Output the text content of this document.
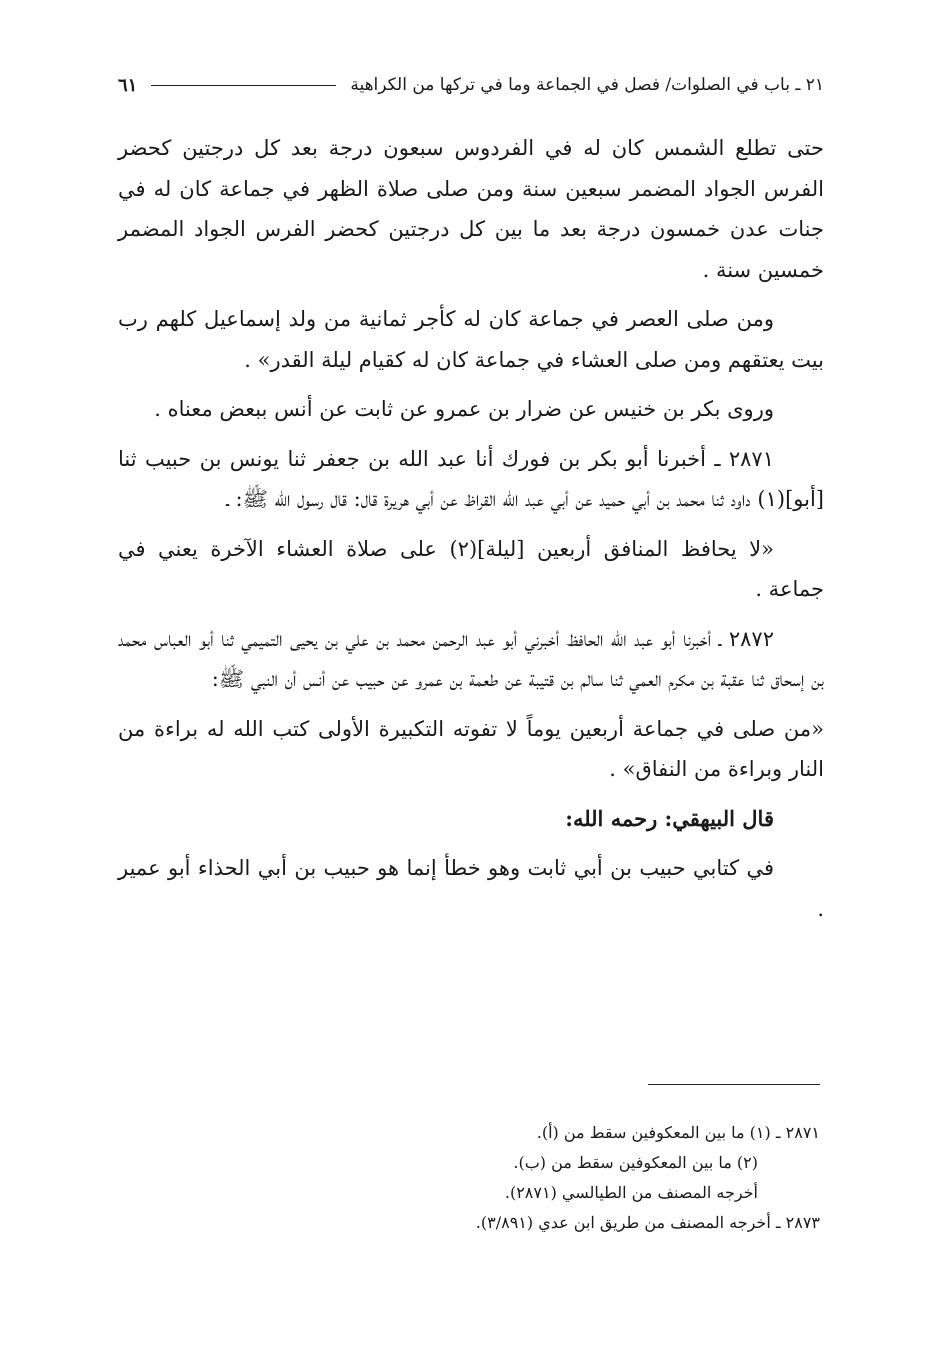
٢١ ـ باب في الصلوات/ فصل في الجماعة وما في تركها من الكراهية
٦١

حتى تطلع الشمس كان له في الفردوس سبعون درجة بعد كل درجتين كحضر الفرس الجواد المضمر سبعين سنة ومن صلى صلاة الظهر في جماعة كان له في جنات عدن خمسون درجة بعد ما بين كل درجتين كحضر الفرس الجواد المضمر خمسين سنة .

ومن صلى العصر في جماعة كان له كأجر ثمانية من ولد إسماعيل كلهم رب بيت يعتقهم ومن صلى العشاء في جماعة كان له كقيام ليلة القدر» .

وروى بكر بن خنيس عن ضرار بن عمرو عن ثابت عن أنس ببعض معناه .

٢٨٧١ ـ أخبرنا أبو بكر بن فورك أنا عبد الله بن جعفر ثنا يونس بن حبيب ثنا [أبو](١) داود ثنا محمد بن أبي حميد عن أبي عبد الله القراظ عن أبي هريرة قال: قال رسول الله ﷺ: ـ

«لا يحافظ المنافق أربعين [ليلة](٢) على صلاة العشاء الآخرة يعني في جماعة .

٢٨٧٢ ـ أخبرنا أبو عبد الله الحافظ أخبرني أبو عبد الرحمن محمد بن علي بن يحيى التميمي ثنا أبو العباس محمد بن إسحاق ثنا عقبة بن مكرم العمي ثنا سالم بن قتيبة عن طعمة بن عمرو عن حبيب عن أنس أن النبي ﷺ:

«من صلى في جماعة أربعين يوماً لا تفوته التكبيرة الأولى كتب الله له براءة من النار وبراءة من النفاق» .

قال البيهقي: رحمه الله:

في كتابي حبيب بن أبي ثابت وهو خطأ إنما هو حبيب بن أبي الحذاء أبو عمير .

٢٨٧١ ـ (١) ما بين المعكوفين سقط من (أ).

(٢) ما بين المعكوفين سقط من (ب).

أخرجه المصنف من الطيالسي (٢٨٧١).

٢٨٧٣ ـ أخرجه المصنف من طريق ابن عدي (٣/٨٩١).
